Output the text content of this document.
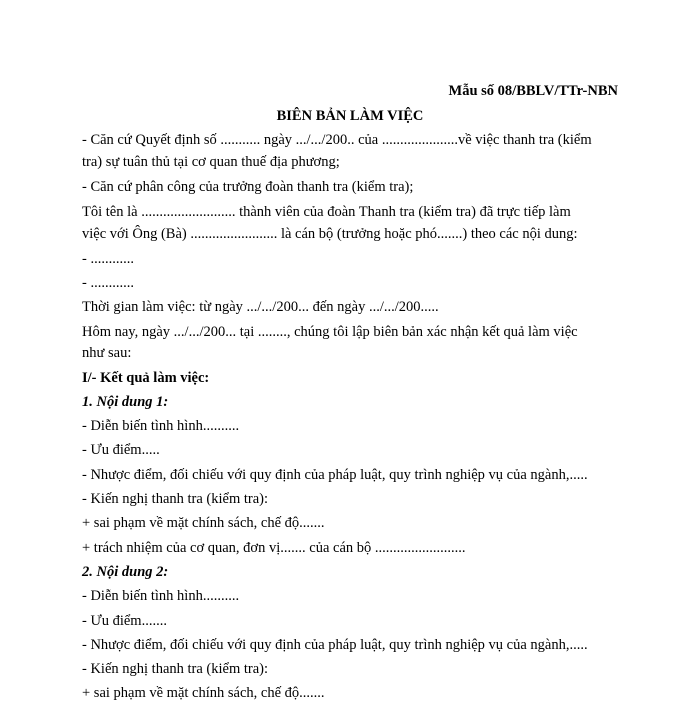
Mẫu số 08/BBLV/TTr-NBN
BIÊN BẢN LÀM VIỆC
- Căn cứ Quyết định số ........... ngày .../.../200.. của .....................về việc thanh tra (kiểm
tra) sự tuân thủ tại cơ quan thuế địa phương;
- Căn cứ phân công của trưởng đoàn thanh tra (kiểm tra);
Tôi tên là .......................... thành viên của đoàn Thanh tra (kiểm tra) đã trực tiếp làm
việc với Ông (Bà) ........................ là cán bộ (trưởng hoặc phó.......) theo các nội dung:
- ............
- ............
Thời gian làm việc: từ ngày .../.../200... đến ngày .../.../200.....
Hôm nay, ngày .../.../200... tại ........, chúng tôi lập biên bản xác nhận kết quả làm việc
như sau:
I/- Kết quả làm việc:
1. Nội dung 1:
- Diễn biến tình hình..........
- Ưu điểm.....
- Nhược điểm, đối chiếu với quy định của pháp luật, quy trình nghiệp vụ của ngành,.....
- Kiến nghị thanh tra (kiểm tra):
+ sai phạm về mặt chính sách, chế độ.......
+ trách nhiệm của cơ quan, đơn vị....... của cán bộ .........................
2. Nội dung 2:
- Diễn biến tình hình..........
- Ưu điểm.......
- Nhược điểm, đối chiếu với quy định của pháp luật, quy trình nghiệp vụ của ngành,.....
- Kiến nghị thanh tra (kiểm tra):
+ sai phạm về mặt chính sách, chế độ.......
